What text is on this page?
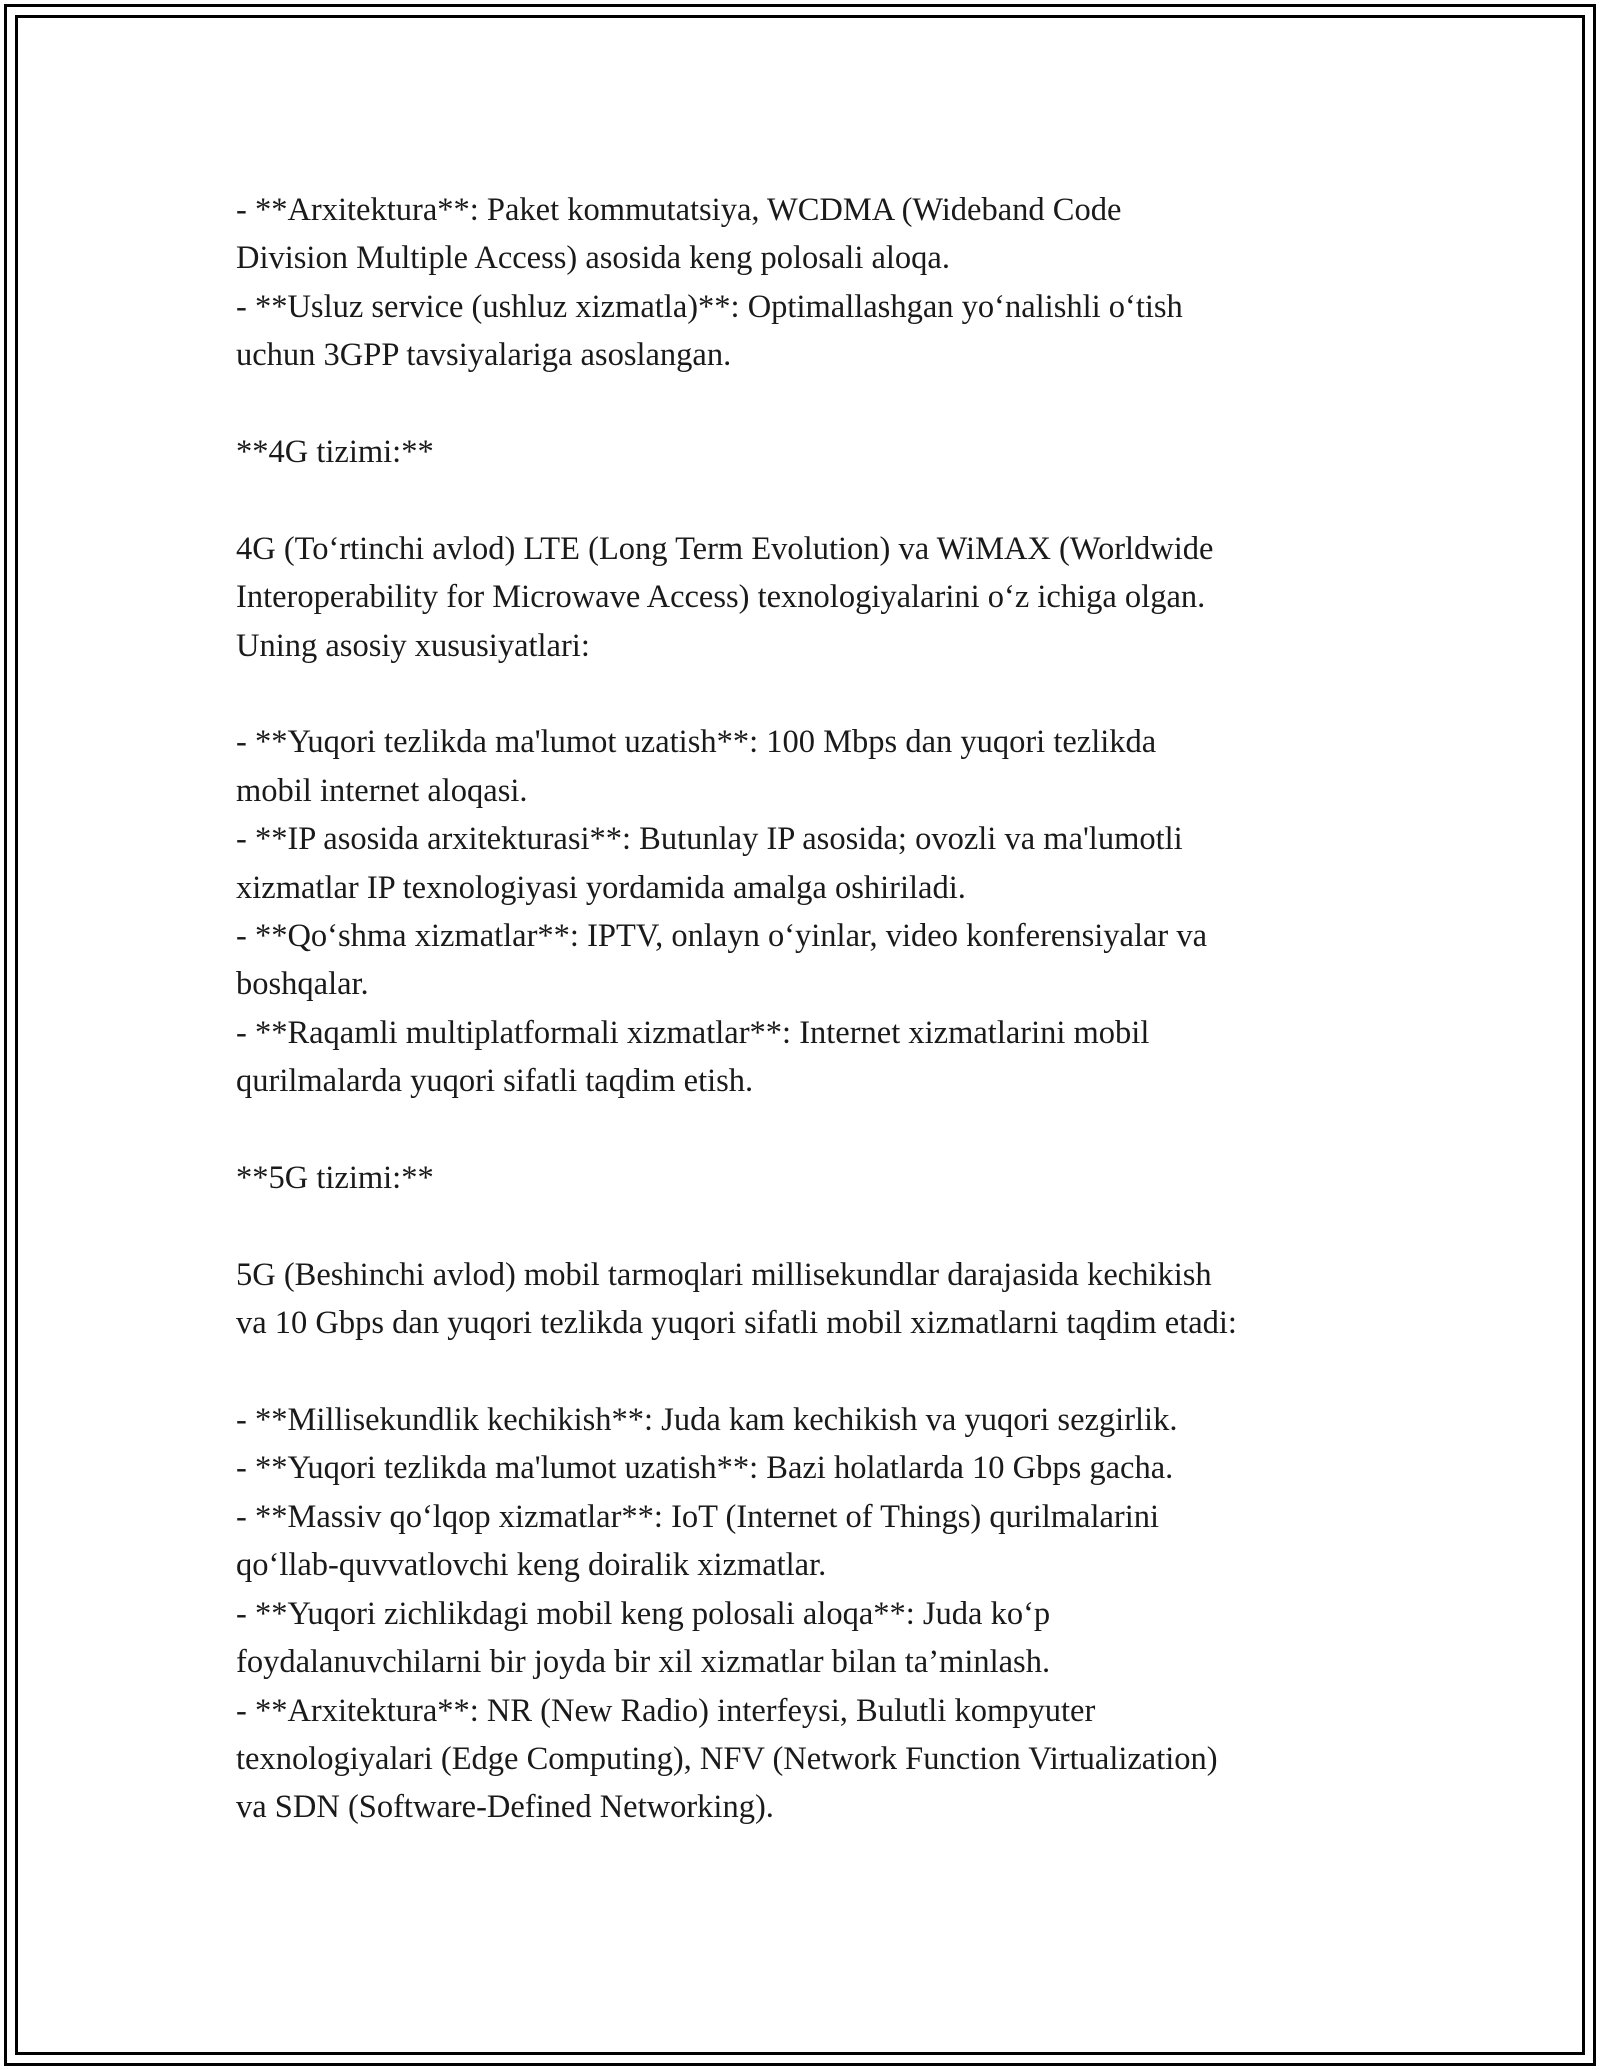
- **Arxitektura**: Paket kommutatsiya, WCDMA (Wideband Code
Division Multiple Access) asosida keng polosali aloqa.
- **Usluz service (ushluz xizmatla)**: Optimallashgan yo‘nalishli o‘tish
uchun 3GPP tavsiyalariga asoslangan.

**4G tizimi:**

4G (To‘rtinchi avlod) LTE (Long Term Evolution) va WiMAX (Worldwide
Interoperability for Microwave Access) texnologiyalarini o‘z ichiga olgan.
Uning asosiy xususiyatlari:

- **Yuqori tezlikda ma'lumot uzatish**: 100 Mbps dan yuqori tezlikda
mobil internet aloqasi.
- **IP asosida arxitekturasi**: Butunlay IP asosida; ovozli va ma'lumotli
xizmatlar IP texnologiyasi yordamida amalga oshiriladi.
- **Qo‘shma xizmatlar**: IPTV, onlayn o‘yinlar, video konferensiyalar va
boshqalar.
- **Raqamli multiplatformali xizmatlar**: Internet xizmatlarini mobil
qurilmalarda yuqori sifatli taqdim etish.

**5G tizimi:**

5G (Beshinchi avlod) mobil tarmoqlari millisekundlar darajasida kechikish
va 10 Gbps dan yuqori tezlikda yuqori sifatli mobil xizmatlarni taqdim etadi:

- **Millisekundlik kechikish**: Juda kam kechikish va yuqori sezgirlik.
- **Yuqori tezlikda ma'lumot uzatish**: Bazi holatlarda 10 Gbps gacha.
- **Massiv qo‘lqop xizmatlar**: IoT (Internet of Things) qurilmalarini
qo‘llab-quvvatlovchi keng doiralik xizmatlar.
- **Yuqori zichlikdagi mobil keng polosali aloqa**: Juda ko‘p
foydalanuvchilarni bir joyda bir xil xizmatlar bilan ta’minlash.
- **Arxitektura**: NR (New Radio) interfeysi, Bulutli kompyuter
texnologiyalari (Edge Computing), NFV (Network Function Virtualization)
va SDN (Software-Defined Networking).
